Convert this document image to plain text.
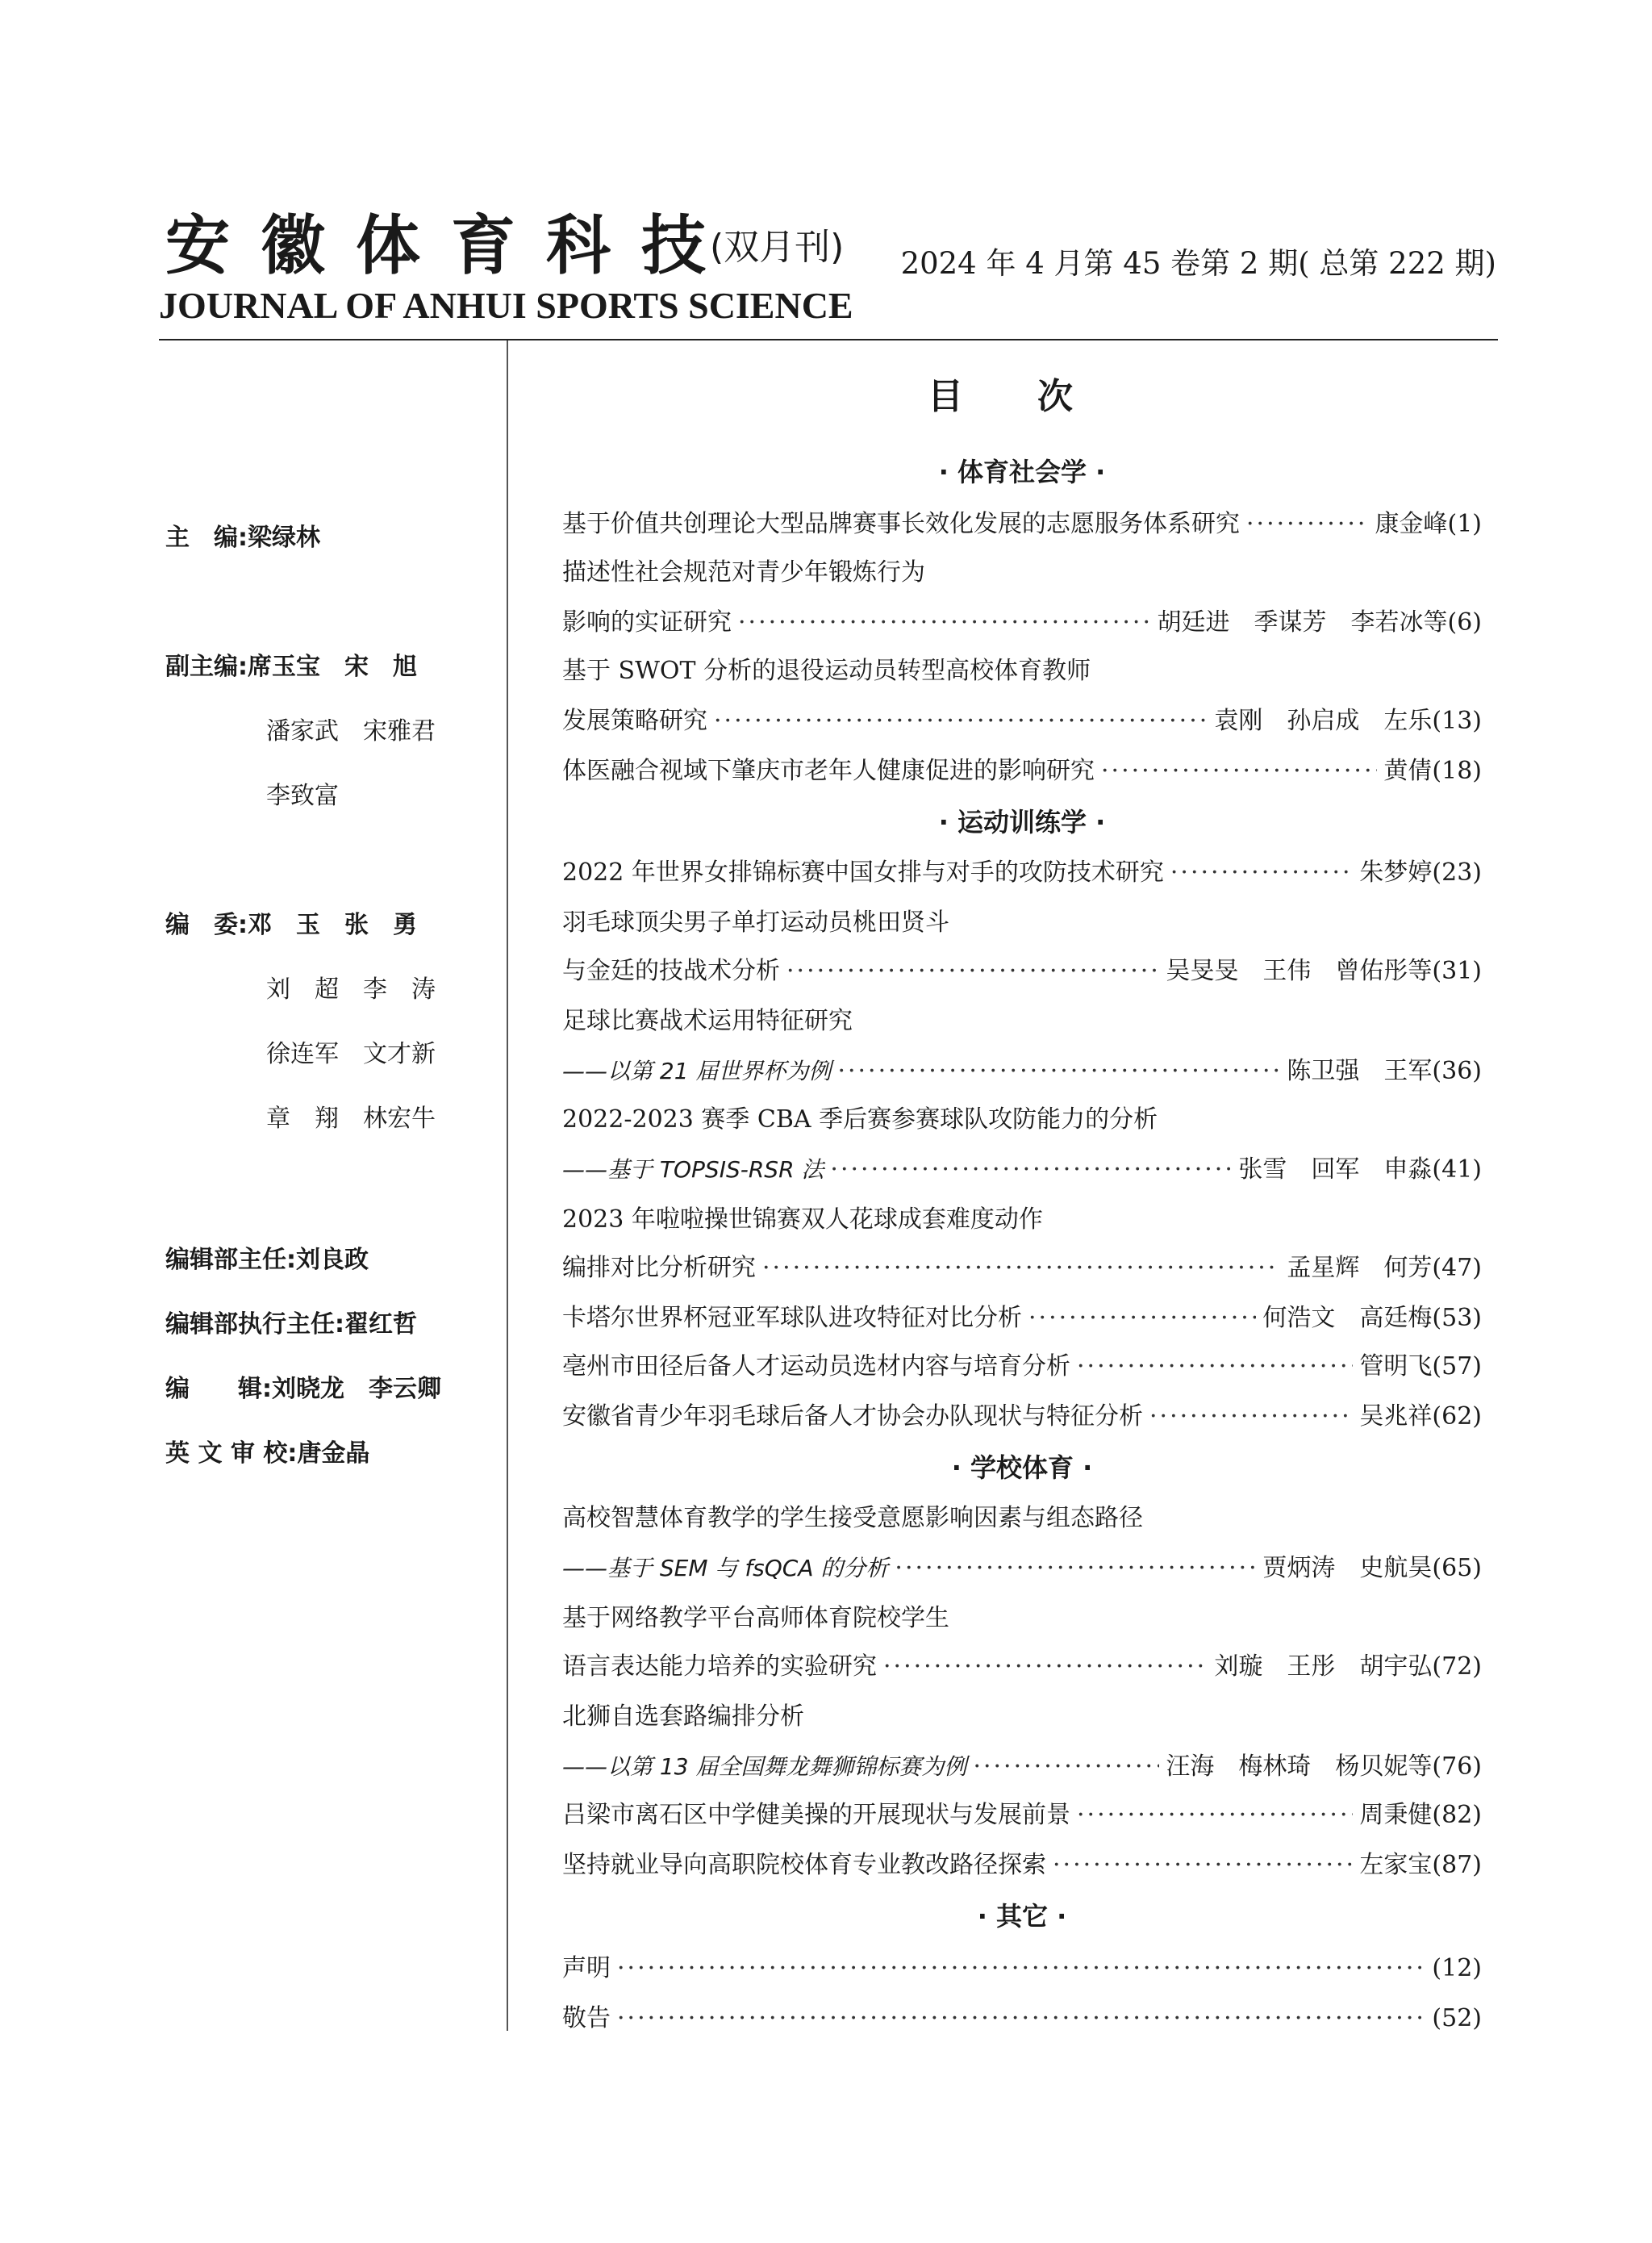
安徽体育科技
(双月刊)
JOURNAL OF ANHUI SPORTS SCIENCE
2024 年 4 月第 45 卷第 2 期( 总第 222 期)
主　编:梁绿林
副主编:席玉宝　宋　旭
潘家武　宋雅君
李致富
编　委:邓　玉　张　勇
刘　超　李　涛
徐连军　文才新
章　翔　林宏牛
编辑部主任:刘良政
编辑部执行主任:翟红哲
编　　辑:刘晓龙　李云卿
英 文 审 校:唐金晶
目次
· 体育社会学 ·
基于价值共创理论大型品牌赛事长效化发展的志愿服务体系研究 ·····	康金峰(1)
描述性社会规范对青少年锻炼行为
影响的实证研究 ·····	胡廷进　季谋芳　李若冰等(6)
基于 SWOT 分析的退役运动员转型高校体育教师
发展策略研究 ·····	袁刚　孙启成　左乐(13)
体医融合视域下肇庆市老年人健康促进的影响研究 ·····	黄倩(18)
· 运动训练学 ·
2022 年世界女排锦标赛中国女排与对手的攻防技术研究 ·····	朱梦婷(23)
羽毛球顶尖男子单打运动员桃田贤斗
与金廷的技战术分析 ·····	吴旻旻　王伟　曾佑彤等(31)
足球比赛战术运用特征研究
——以第 21 届世界杯为例 ·····	陈卫强　王军(36)
2022-2023 赛季 CBA 季后赛参赛球队攻防能力的分析
——基于 TOPSIS-RSR 法 ·····	张雪　回军　申淼(41)
2023 年啦啦操世锦赛双人花球成套难度动作
编排对比分析研究 ·····	孟星辉　何芳(47)
卡塔尔世界杯冠亚军球队进攻特征对比分析 ·····	何浩文　高廷梅(53)
亳州市田径后备人才运动员选材内容与培育分析 ·····	管明飞(57)
安徽省青少年羽毛球后备人才协会办队现状与特征分析 ·····	吴兆祥(62)
· 学校体育 ·
高校智慧体育教学的学生接受意愿影响因素与组态路径
——基于 SEM 与 fsQCA 的分析 ·····	贾炳涛　史航昊(65)
基于网络教学平台高师体育院校学生
语言表达能力培养的实验研究 ·····	刘璇　王彤　胡宇弘(72)
北狮自选套路编排分析
——以第 13 届全国舞龙舞狮锦标赛为例 ·····	汪海　梅林琦　杨贝妮等(76)
吕梁市离石区中学健美操的开展现状与发展前景 ·····	周秉健(82)
坚持就业导向高职院校体育专业教改路径探索 ·····	左家宝(87)
· 其它 ·
声明 ·····	(12)
敬告 ·····	(52)
